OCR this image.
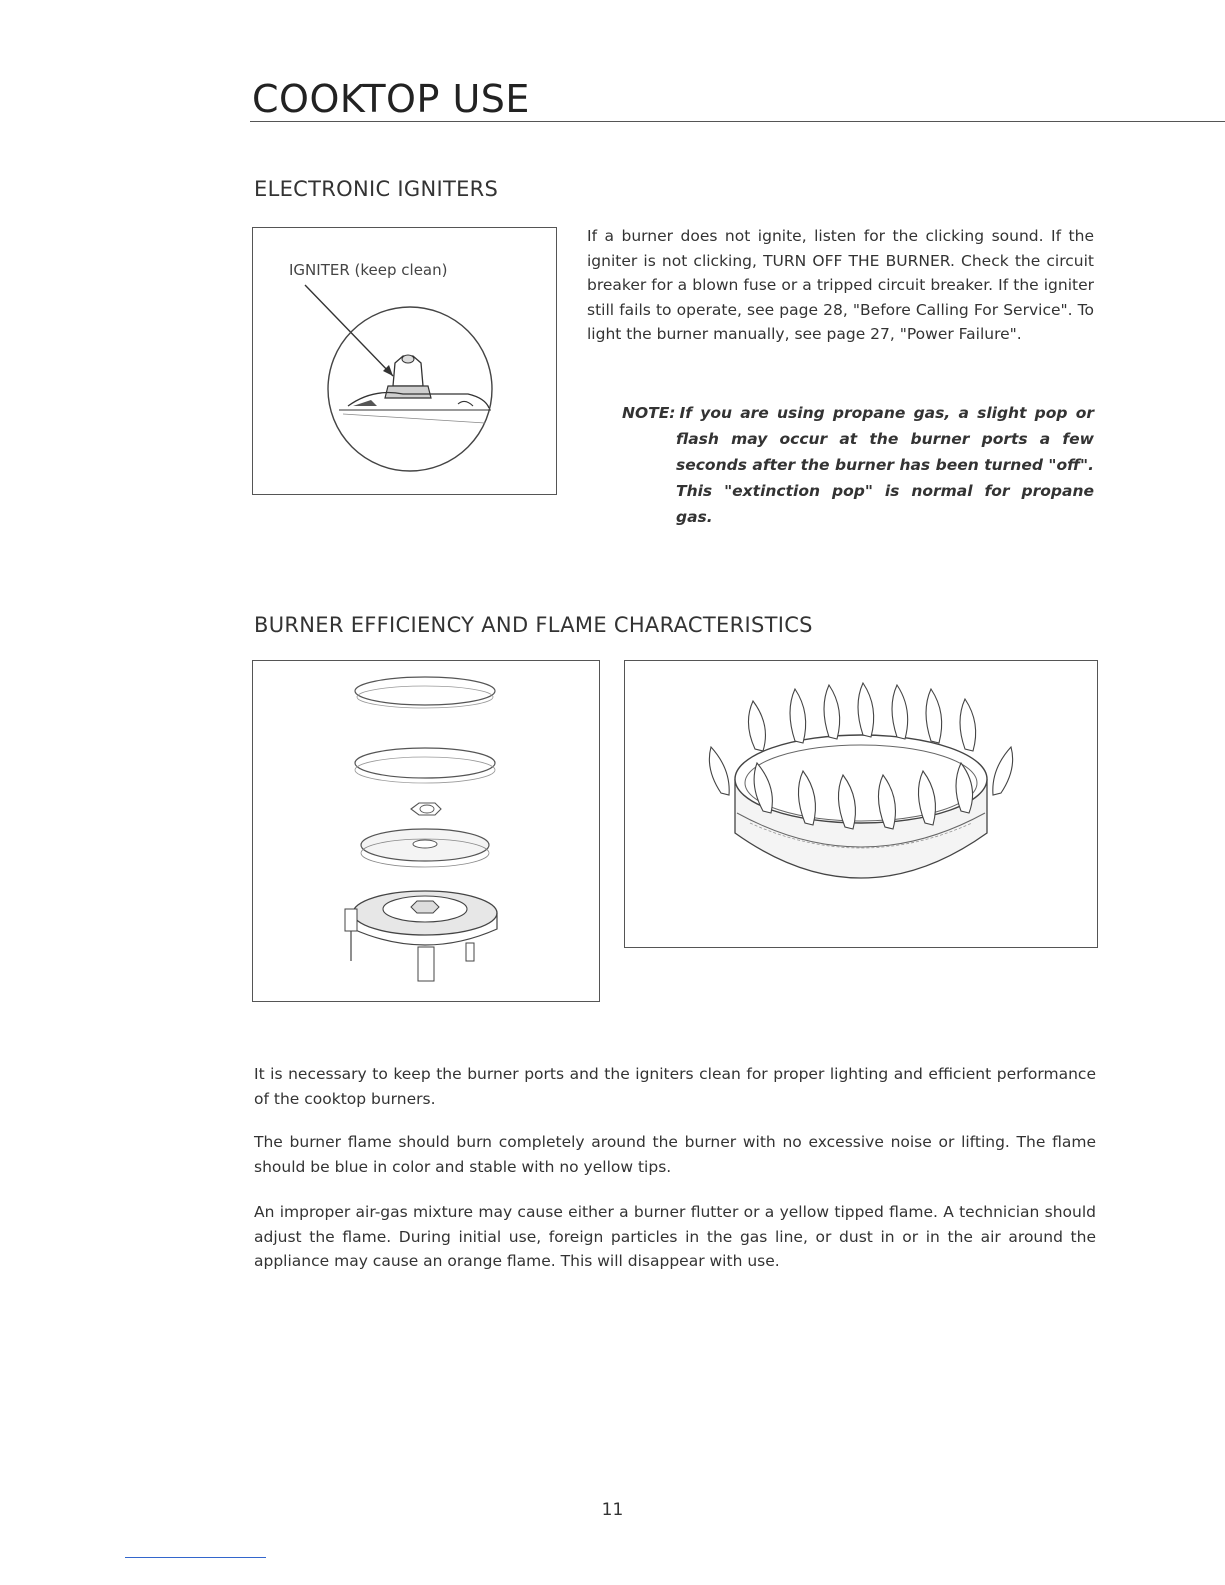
COOKTOP USE
ELECTRONIC IGNITERS
IGNITER (keep clean)

If a burner does not ignite, listen for the clicking sound. If the igniter is not clicking, TURN OFF THE BURNER. Check the circuit breaker for a blown fuse or a tripped circuit breaker. If the igniter still fails to operate, see page 28, "Before Calling For Service". To light the burner manually, see page 27, "Power Failure".

NOTE: If you are using propane gas, a slight pop or flash may occur at the burner ports a few seconds after the burner has been turned "off". This "extinction pop" is normal for propane gas.

BURNER EFFICIENCY AND FLAME CHARACTERISTICS

It is necessary to keep the burner ports and the igniters clean for proper lighting and efficient performance of the cooktop burners.

The burner flame should burn completely around the burner with no excessive noise or lifting. The flame should be blue in color and stable with no yellow tips.

An improper air-gas mixture may cause either a burner flutter or a yellow tipped flame. A technician should adjust the flame. During initial use, foreign particles in the gas line, or dust in or in the air around the appliance may cause an orange flame. This will disappear with use.

11
